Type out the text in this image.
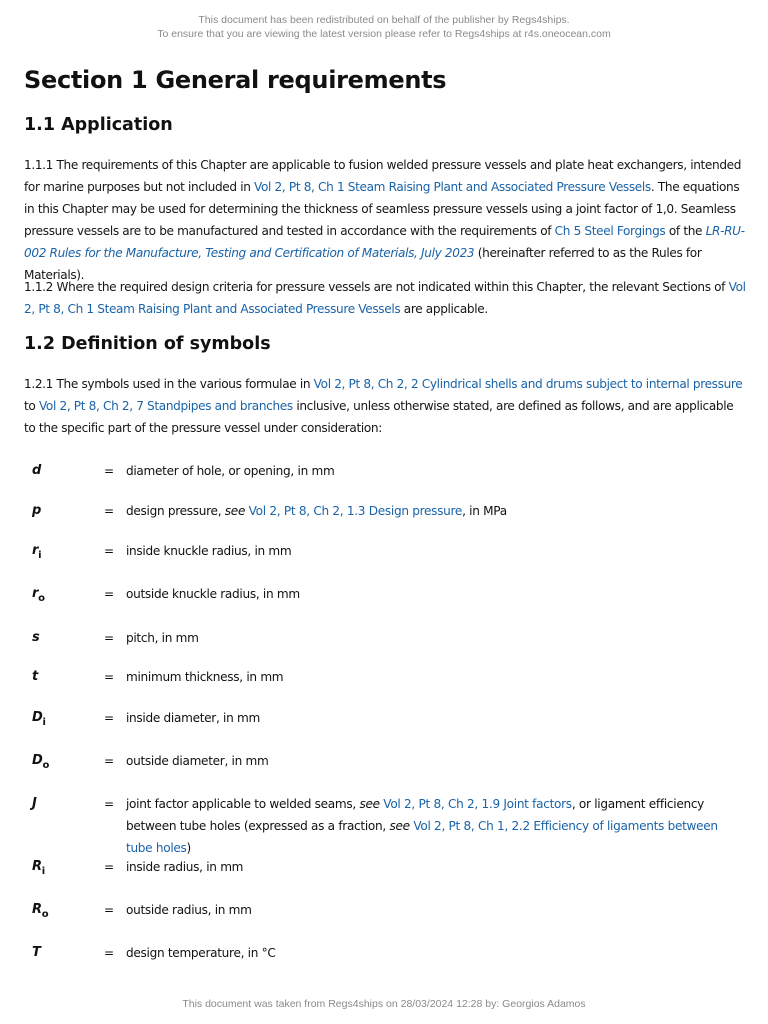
This document has been redistributed on behalf of the publisher by Regs4ships.
To ensure that you are viewing the latest version please refer to Regs4ships at r4s.oneocean.com
Section 1 General requirements
1.1 Application
1.1.1 The requirements of this Chapter are applicable to fusion welded pressure vessels and plate heat exchangers, intended for marine purposes but not included in Vol 2, Pt 8, Ch 1 Steam Raising Plant and Associated Pressure Vessels. The equations in this Chapter may be used for determining the thickness of seamless pressure vessels using a joint factor of 1,0. Seamless pressure vessels are to be manufactured and tested in accordance with the requirements of Ch 5 Steel Forgings of the LR-RU-002 Rules for the Manufacture, Testing and Certification of Materials, July 2023 (hereinafter referred to as the Rules for Materials).
1.1.2 Where the required design criteria for pressure vessels are not indicated within this Chapter, the relevant Sections of Vol 2, Pt 8, Ch 1 Steam Raising Plant and Associated Pressure Vessels are applicable.
1.2 Definition of symbols
1.2.1 The symbols used in the various formulae in Vol 2, Pt 8, Ch 2, 2 Cylindrical shells and drums subject to internal pressure to Vol 2, Pt 8, Ch 2, 7 Standpipes and branches inclusive, unless otherwise stated, are defined as follows, and are applicable to the specific part of the pressure vessel under consideration:
d	= diameter of hole, or opening, in mm
p	= design pressure, see Vol 2, Pt 8, Ch 2, 1.3 Design pressure, in MPa
$r_i$	= inside knuckle radius, in mm
$r_o$	= outside knuckle radius, in mm
s	= pitch, in mm
t	= minimum thickness, in mm
$D_i$	= inside diameter, in mm
$D_o$	= outside diameter, in mm
J	= joint factor applicable to welded seams, see Vol 2, Pt 8, Ch 2, 1.9 Joint factors, or ligament efficiency between tube holes (expressed as a fraction, see Vol 2, Pt 8, Ch 1, 2.2 Efficiency of ligaments between tube holes)
$R_i$	= inside radius, in mm
$R_o$	= outside radius, in mm
T	= design temperature, in °C
This document was taken from Regs4ships on 28/03/2024 12:28 by: Georgios Adamos
